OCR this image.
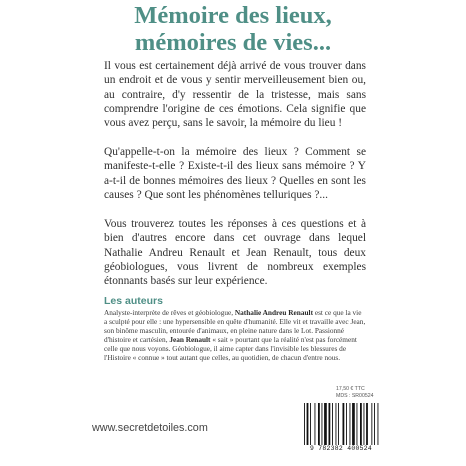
Mémoire des lieux,
mémoires de vies...
Il vous est certainement déjà arrivé de vous trouver dans un endroit et de vous y sentir merveilleusement bien ou, au contraire, d'y ressentir de la tristesse, mais sans comprendre l'origine de ces émotions. Cela signifie que vous avez perçu, sans le savoir, la mémoire du lieu !
Qu'appelle-t-on la mémoire des lieux ? Comment se manifeste-t-elle ? Existe-t-il des lieux sans mémoire ? Y a-t-il de bonnes mémoires des lieux ? Quelles en sont les causes ? Que sont les phénomènes telluriques ?...
Vous trouverez toutes les réponses à ces questions et à bien d'autres encore dans cet ouvrage dans lequel Nathalie Andreu Renault et Jean Renault, tous deux géobiologues, vous livrent de nombreux exemples étonnants basés sur leur expérience.
Les auteurs
Analyste-interprète de rêves et géobiologue, Nathalie Andreu Renault est ce que la vie a sculpté pour elle : une hypersensible en quête d'humanité. Elle vit et travaille avec Jean, son binôme masculin, entourée d'animaux, en pleine nature dans le Lot. Passionné d'histoire et cartésien, Jean Renault « sait » pourtant que la réalité n'est pas forcément celle que nous voyons. Géobiologue, il aime capter dans l'invisible les blessures de l'Histoire « connue » tout autant que celles, au quotidien, de chacun d'entre nous.
17,50 € TTC
MDS : SR00524
www.secretdetoiles.com
9 782382 400524
